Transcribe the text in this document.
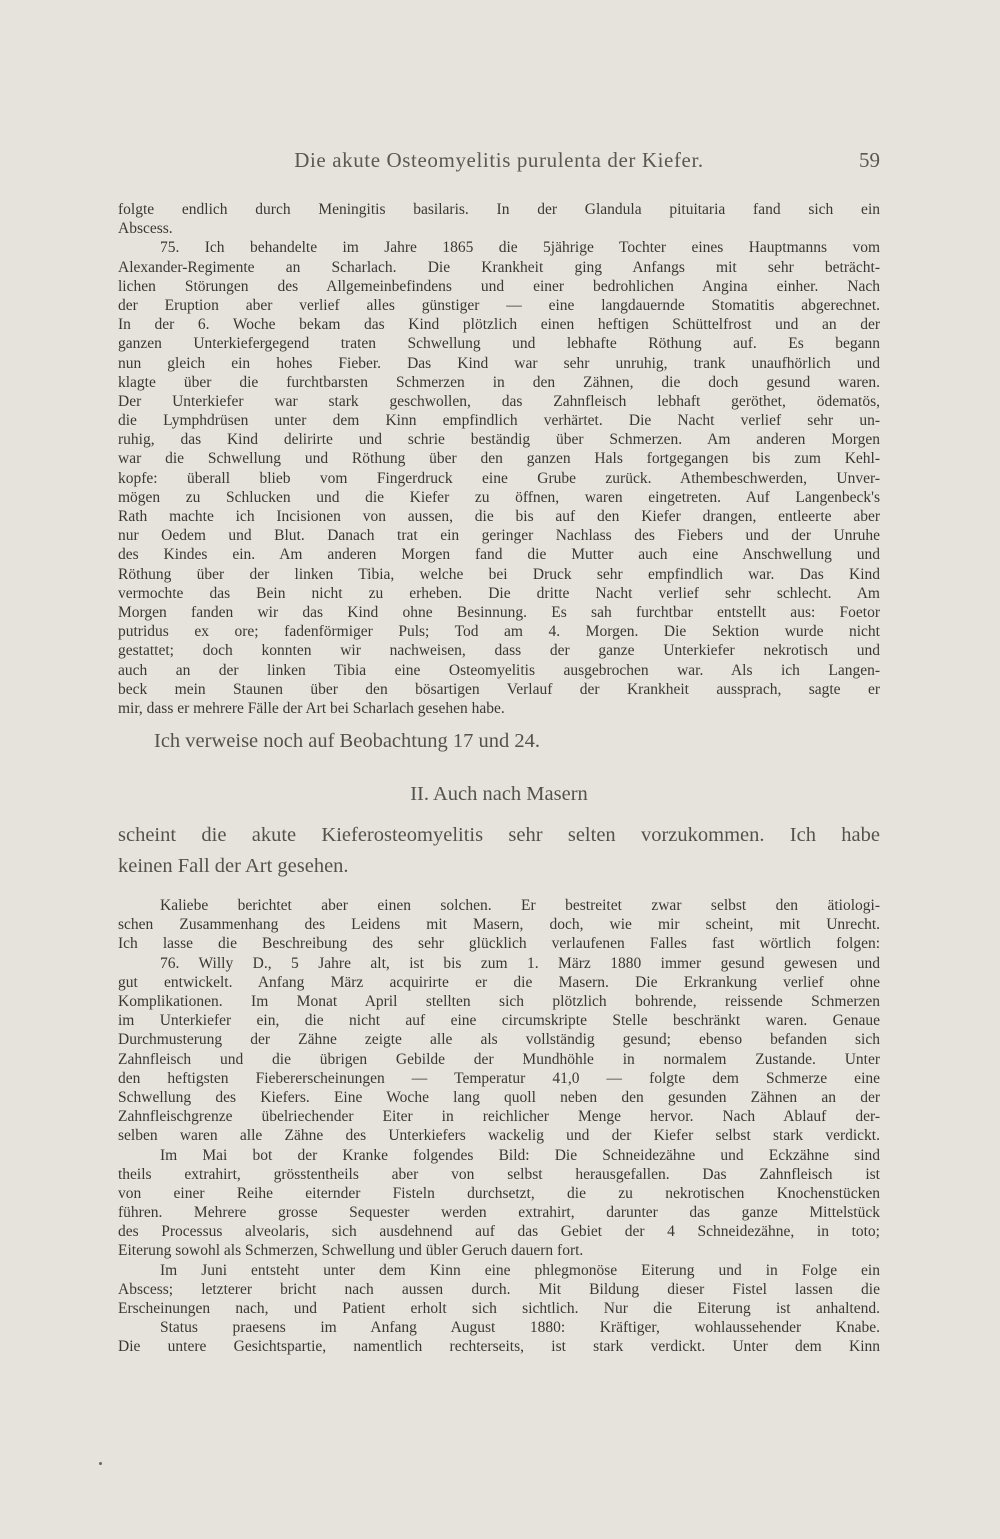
Die akute Osteomyelitis purulenta der Kiefer.	59
folgte endlich durch Meningitis basilaris. In der Glandula pituitaria fand sich ein
Abscess.
75. Ich behandelte im Jahre 1865 die 5jährige Tochter eines Hauptmanns vom
Alexander-Regimente an Scharlach. Die Krankheit ging Anfangs mit sehr beträcht-
lichen Störungen des Allgemeinbefindens und einer bedrohlichen Angina einher. Nach
der Eruption aber verlief alles günstiger — eine langdauernde Stomatitis abgerechnet.
In der 6. Woche bekam das Kind plötzlich einen heftigen Schüttelfrost und an der
ganzen Unterkiefergegend traten Schwellung und lebhafte Röthung auf. Es begann
nun gleich ein hohes Fieber. Das Kind war sehr unruhig, trank unaufhörlich und
klagte über die furchtbarsten Schmerzen in den Zähnen, die doch gesund waren.
Der Unterkiefer war stark geschwollen, das Zahnfleisch lebhaft geröthet, ödematös,
die Lymphdrüsen unter dem Kinn empfindlich verhärtet. Die Nacht verlief sehr un-
ruhig, das Kind delirirte und schrie beständig über Schmerzen. Am anderen Morgen
war die Schwellung und Röthung über den ganzen Hals fortgegangen bis zum Kehl-
kopfe: überall blieb vom Fingerdruck eine Grube zurück. Athembeschwerden, Unver-
mögen zu Schlucken und die Kiefer zu öffnen, waren eingetreten. Auf Langenbeck's
Rath machte ich Incisionen von aussen, die bis auf den Kiefer drangen, entleerte aber
nur Oedem und Blut. Danach trat ein geringer Nachlass des Fiebers und der Unruhe
des Kindes ein. Am anderen Morgen fand die Mutter auch eine Anschwellung und
Röthung über der linken Tibia, welche bei Druck sehr empfindlich war. Das Kind
vermochte das Bein nicht zu erheben. Die dritte Nacht verlief sehr schlecht. Am
Morgen fanden wir das Kind ohne Besinnung. Es sah furchtbar entstellt aus: Foetor
putridus ex ore; fadenförmiger Puls; Tod am 4. Morgen. Die Sektion wurde nicht
gestattet; doch konnten wir nachweisen, dass der ganze Unterkiefer nekrotisch und
auch an der linken Tibia eine Osteomyelitis ausgebrochen war. Als ich Langen-
beck mein Staunen über den bösartigen Verlauf der Krankheit aussprach, sagte er
mir, dass er mehrere Fälle der Art bei Scharlach gesehen habe.
Ich verweise noch auf Beobachtung 17 und 24.
II. Auch nach Masern
scheint die akute Kieferosteomyelitis sehr selten vorzukommen. Ich habe
keinen Fall der Art gesehen.
Kaliebe berichtet aber einen solchen. Er bestreitet zwar selbst den ätiologi-
schen Zusammenhang des Leidens mit Masern, doch, wie mir scheint, mit Unrecht.
Ich lasse die Beschreibung des sehr glücklich verlaufenen Falles fast wörtlich folgen:
76. Willy D., 5 Jahre alt, ist bis zum 1. März 1880 immer gesund gewesen und
gut entwickelt. Anfang März acquirirte er die Masern. Die Erkrankung verlief ohne
Komplikationen. Im Monat April stellten sich plötzlich bohrende, reissende Schmerzen
im Unterkiefer ein, die nicht auf eine circumskripte Stelle beschränkt waren. Genaue
Durchmusterung der Zähne zeigte alle als vollständig gesund; ebenso befanden sich
Zahnfleisch und die übrigen Gebilde der Mundhöhle in normalem Zustande. Unter
den heftigsten Fiebererscheinungen — Temperatur 41,0 — folgte dem Schmerze eine
Schwellung des Kiefers. Eine Woche lang quoll neben den gesunden Zähnen an der
Zahnfleischgrenze übelriechender Eiter in reichlicher Menge hervor. Nach Ablauf der-
selben waren alle Zähne des Unterkiefers wackelig und der Kiefer selbst stark verdickt.
Im Mai bot der Kranke folgendes Bild: Die Schneidezähne und Eckzähne sind
theils extrahirt, grösstentheils aber von selbst herausgefallen. Das Zahnfleisch ist
von einer Reihe eiternder Fisteln durchsetzt, die zu nekrotischen Knochenstücken
führen. Mehrere grosse Sequester werden extrahirt, darunter das ganze Mittelstück
des Processus alveolaris, sich ausdehnend auf das Gebiet der 4 Schneidezähne, in toto;
Eiterung sowohl als Schmerzen, Schwellung und übler Geruch dauern fort.
Im Juni entsteht unter dem Kinn eine phlegmonöse Eiterung und in Folge ein
Abscess; letzterer bricht nach aussen durch. Mit Bildung dieser Fistel lassen die
Erscheinungen nach, und Patient erholt sich sichtlich. Nur die Eiterung ist anhaltend.
Status praesens im Anfang August 1880: Kräftiger, wohlaussehender Knabe.
Die untere Gesichtspartie, namentlich rechterseits, ist stark verdickt. Unter dem Kinn
